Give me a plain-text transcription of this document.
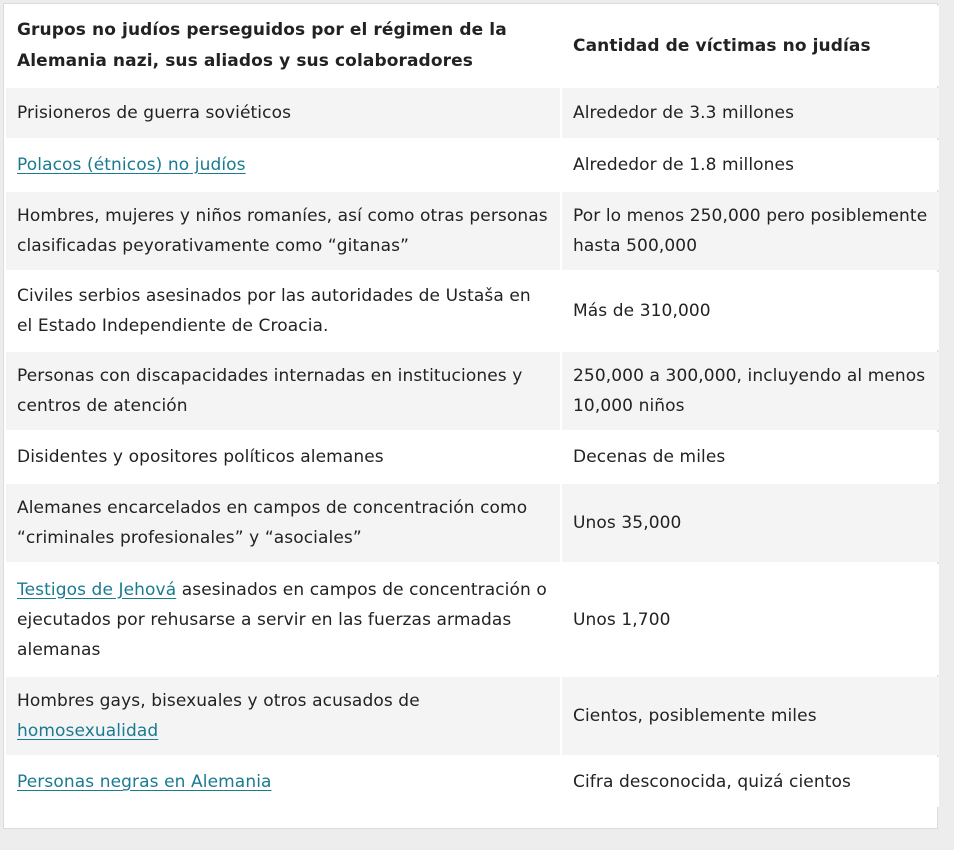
Grupos no judíos perseguidos por el régimen de la Alemania nazi, sus aliados y sus colaboradores	Cantidad de víctimas no judías
Prisioneros de guerra soviéticos	Alrededor de 3.3 millones
Polacos (étnicos) no judíos	Alrededor de 1.8 millones
Hombres, mujeres y niños romaníes, así como otras personas clasificadas peyorativamente como “gitanas”	Por lo menos 250,000 pero posiblemente hasta 500,000
Civiles serbios asesinados por las autoridades de Ustaša en el Estado Independiente de Croacia.	Más de 310,000
Personas con discapacidades internadas en instituciones y centros de atención	250,000 a 300,000, incluyendo al menos 10,000 niños
Disidentes y opositores políticos alemanes	Decenas de miles
Alemanes encarcelados en campos de concentración como “criminales profesionales” y “asociales”	Unos 35,000
Testigos de Jehová asesinados en campos de concentración o ejecutados por rehusarse a servir en las fuerzas armadas alemanas	Unos 1,700
Hombres gays, bisexuales y otros acusados de homosexualidad	Cientos, posiblemente miles
Personas negras en Alemania	Cifra desconocida, quizá cientos
